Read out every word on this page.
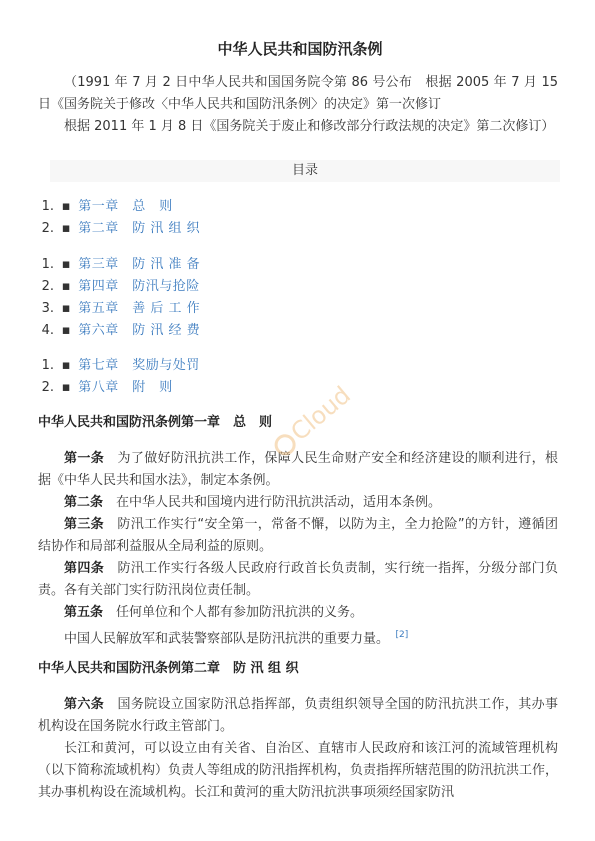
中华人民共和国防汛条例

（1991 年 7 月 2 日中华人民共和国国务院令第 86 号公布　根据 2005 年 7 月 15 日《国务院关于修改〈中华人民共和国防汛条例〉的决定》第一次修订

根据 2011 年 1 月 8 日《国务院关于废止和修改部分行政法规的决定》第二次修订）

目录
1. ▪ 第一章　总　则
2. ▪ 第二章　防 汛 组 织
1. ▪ 第三章　防 汛 准 备
2. ▪ 第四章　防汛与抢险
3. ▪ 第五章　善 后 工 作
4. ▪ 第六章　防 汛 经 费
1. ▪ 第七章　奖励与处罚
2. ▪ 第八章　附　则
中华人民共和国防汛条例第一章　总　则

第一条　 为了做好防汛抗洪工作，保障人民生命财产安全和经济建设的顺利进行，根据《中华人民共和国水法》，制定本条例。

第二条　 在中华人民共和国境内进行防汛抗洪活动，适用本条例。

第三条　 防汛工作实行“安全第一，常备不懈，以防为主，全力抢险”的方针，遵循团结协作和局部利益服从全局利益的原则。

第四条　 防汛工作实行各级人民政府行政首长负责制，实行统一指挥，分级分部门负责。各有关部门实行防汛岗位责任制。

第五条　 任何单位和个人都有参加防汛抗洪的义务。

中国人民解放军和武装警察部队是防汛抗洪的重要力量。　 [2]

中华人民共和国防汛条例第二章　防 汛 组 织

第六条　 国务院设立国家防汛总指挥部，负责组织领导全国的防汛抗洪工作，其办事机构设在国务院水行政主管部门。

长江和黄河，可以设立由有关省、自治区、直辖市人民政府和该江河的流域管理机构（以下简称流域机构）负责人等组成的防汛指挥机构，负责指挥所辖范围的防汛抗洪工作，其办事机构设在流域机构。长江和黄河的重大防汛抗洪事项须经国家防汛

Cloud
